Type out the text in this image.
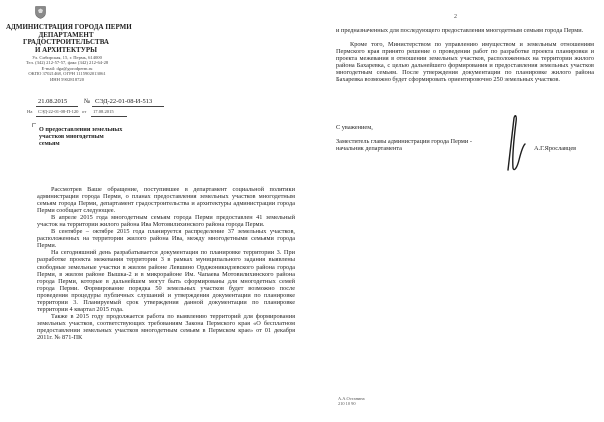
АДМИНИСТРАЦИЯ ГОРОДА ПЕРМИ
ДЕПАРТАМЕНТ
ГРАДОСТРОИТЕЛЬСТВА
И АРХИТЕКТУРЫ
Ул. Сибирская, 15, г. Пермь, 614000
Тел. (342) 212-57-57, факс (342) 212-64-28
E-mail: dga@gorodperm.ru
ОКПО 37021468, ОГРН 1115902013061
ИНН 5902818720
21.08.2015	№ СЭД-22-01-08-И-513
На СЭД-22-01-08-П-120 от 17.08.2015
О предоставлении земельных
участков многодетным
семьям

Рассмотрев Ваше обращение, поступившее в департамент социальной политики администрации города Перми, о планах предоставления земельных участков многодетным семьям города Перми, департамент градостроительства и архитектуры администрации города Перми сообщает следующее.

В апреле 2015 года многодетным семьям города Перми предоставлен 41 земельный участок на территории жилого района Ива Мотовилихинского района города Перми.

В сентябре – октябре 2015 года планируется распределение 37 земельных участков, расположенных на территории жилого района Ива, между многодетными семьями города Перми.

На сегодняшний день разрабатывается документация по планировке территории 3. При разработке проекта межевания территории 3 в рамках муниципального задания выявлены свободные земельные участки в жилом районе Левшино Орджоникидзевского района города Перми, в жилом районе Вышка-2 и в микрорайоне Им. Чапаева Мотовилихинского района города Перми, которые в дальнейшем могут быть сформированы для многодетных семей города Перми. Формирование порядка 50 земельных участков будет возможно после проведения процедуры публичных слушаний и утверждения документации по планировке территории 3. Планируемый срок утверждения данной документации по планировке территории 4 квартал 2015 года.

Также в 2015 году продолжается работа по выявлению территорий для формирования земельных участков, соответствующих требованиям Закона Пермского края «О бесплатном предоставлении земельных участков многодетным семьям в Пермском крае» от 01 декабря 2011г. № 871-ПК

2

и предназначенных для последующего предоставления многодетным семьям города Перми.

Кроме того, Министерством по управлению имуществом и земельным отношениям Пермского края принято решение о проведении работ по разработке проекта планировки и проекта межевания в отношении земельных участков, расположенных на территории жилого района Бахаревка, с целью дальнейшего формирования и предоставления земельных участков многодетным семьям. После утверждения документации по планировке жилого района Бахаревка возможно будет сформировать ориентировочно 250 земельных участков.

С уважением,
Заместитель главы администрации города Перми -
начальник департамента	А.Г.Ярославцев
А.А.Останина
210 10 90
